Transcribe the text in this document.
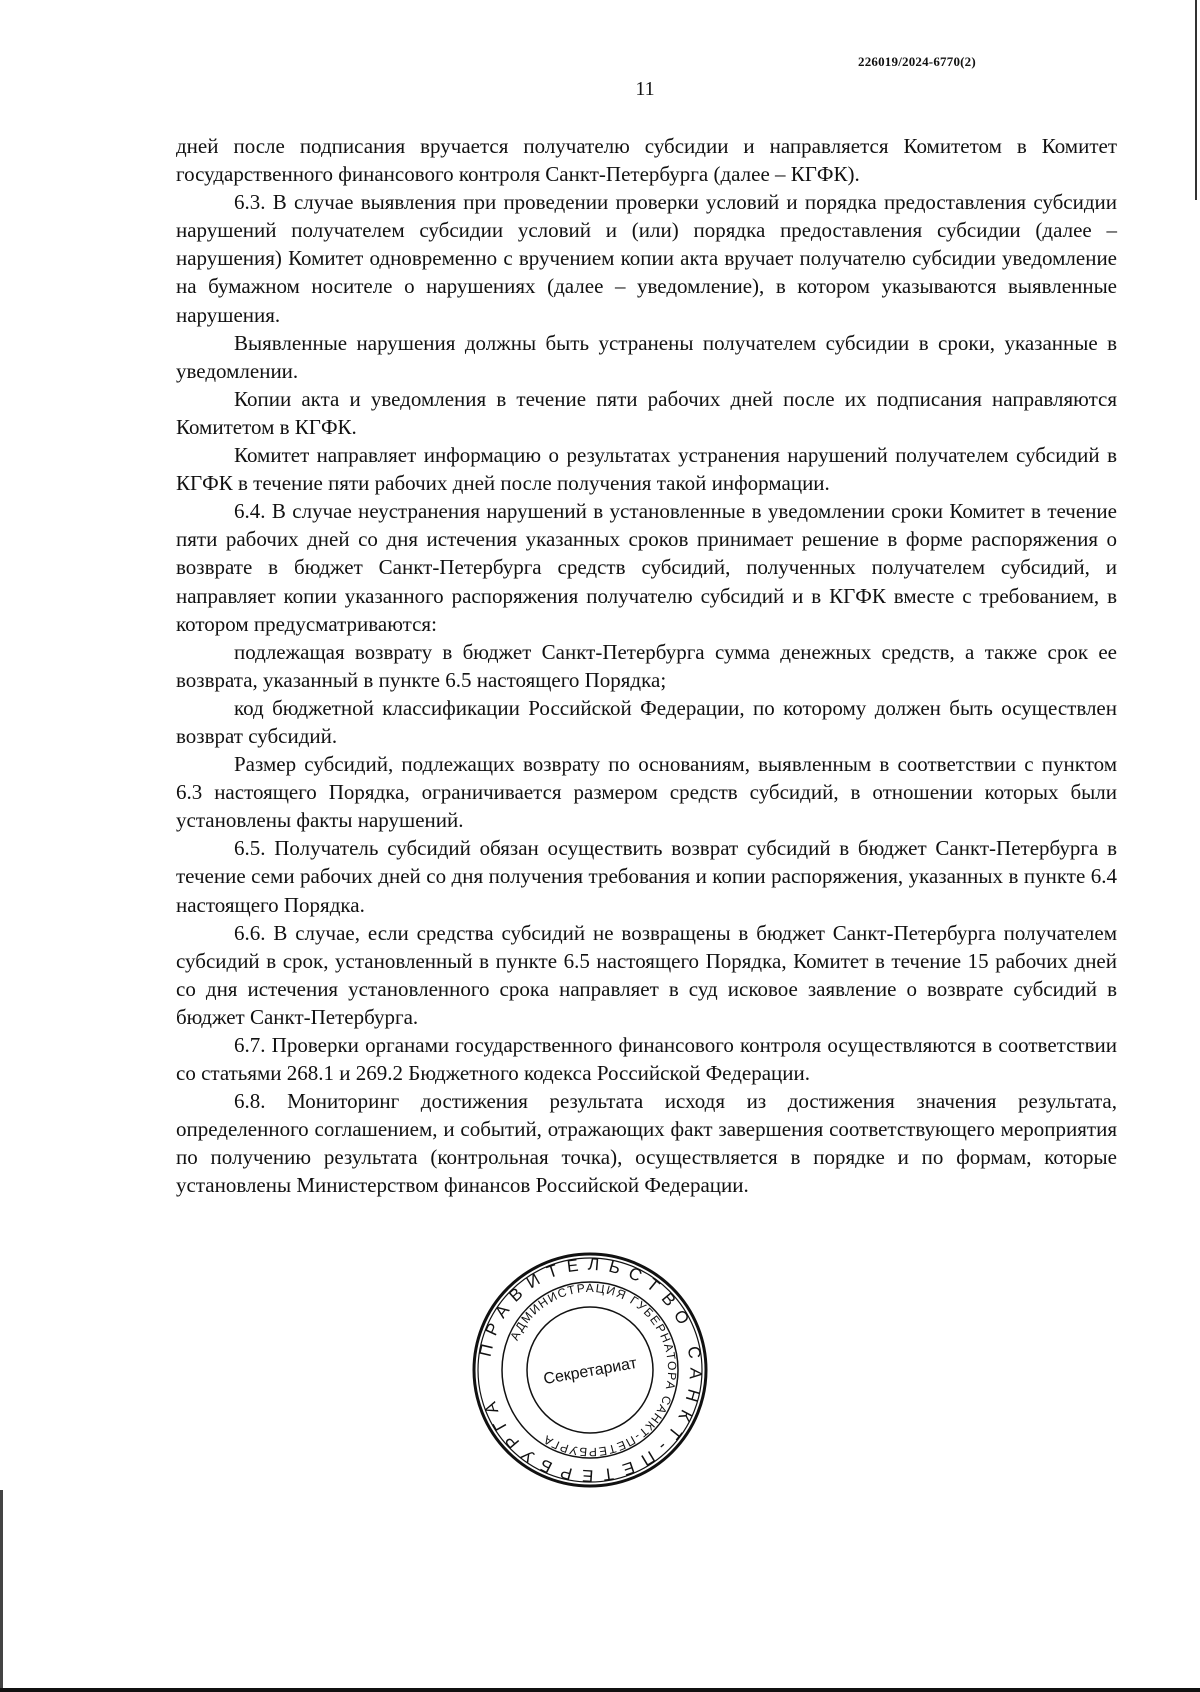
226019/2024-6770(2)
11

дней после подписания вручается получателю субсидии и направляется Комитетом в Комитет государственного финансового контроля Санкт-Петербурга (далее – КГФК).

6.3. В случае выявления при проведении проверки условий и порядка предоставления субсидии нарушений получателем субсидии условий и (или) порядка предоставления субсидии (далее – нарушения) Комитет одновременно с вручением копии акта вручает получателю субсидии уведомление на бумажном носителе о нарушениях (далее – уведомление), в котором указываются выявленные нарушения.

Выявленные нарушения должны быть устранены получателем субсидии в сроки, указанные в уведомлении.

Копии акта и уведомления в течение пяти рабочих дней после их подписания направляются Комитетом в КГФК.

Комитет направляет информацию о результатах устранения нарушений получателем субсидий в КГФК в течение пяти рабочих дней после получения такой информации.

6.4. В случае неустранения нарушений в установленные в уведомлении сроки Комитет в течение пяти рабочих дней со дня истечения указанных сроков принимает решение в форме распоряжения о возврате в бюджет Санкт-Петербурга средств субсидий, полученных получателем субсидий, и направляет копии указанного распоряжения получателю субсидий и в КГФК вместе с требованием, в котором предусматриваются:

подлежащая возврату в бюджет Санкт-Петербурга сумма денежных средств, а также срок ее возврата, указанный в пункте 6.5 настоящего Порядка;

код бюджетной классификации Российской Федерации, по которому должен быть осуществлен возврат субсидий.

Размер субсидий, подлежащих возврату по основаниям, выявленным в соответствии с пунктом 6.3 настоящего Порядка, ограничивается размером средств субсидий, в отношении которых были установлены факты нарушений.

6.5. Получатель субсидий обязан осуществить возврат субсидий в бюджет Санкт-Петербурга в течение семи рабочих дней со дня получения требования и копии распоряжения, указанных в пункте 6.4 настоящего Порядка.

6.6. В случае, если средства субсидий не возвращены в бюджет Санкт-Петербурга получателем субсидий в срок, установленный в пункте 6.5 настоящего Порядка, Комитет в течение 15 рабочих дней со дня истечения установленного срока направляет в суд исковое заявление о возврате субсидий в бюджет Санкт-Петербурга.

6.7. Проверки органами государственного финансового контроля осуществляются в соответствии со статьями 268.1 и 269.2 Бюджетного кодекса Российской Федерации.

6.8. Мониторинг достижения результата исходя из достижения значения результата, определенного соглашением, и событий, отражающих факт завершения соответствующего мероприятия по получению результата (контрольная точка), осуществляется в порядке и по формам, которые установлены Министерством финансов Российской Федерации.

ПРАВИТЕЛЬСТВО САНКТ-ПЕТЕРБУРГА
АДМИНИСТРАЦИЯ ГУБЕРНАТОРА САНКТ-ПЕТЕРБУРГА
Секретариат
